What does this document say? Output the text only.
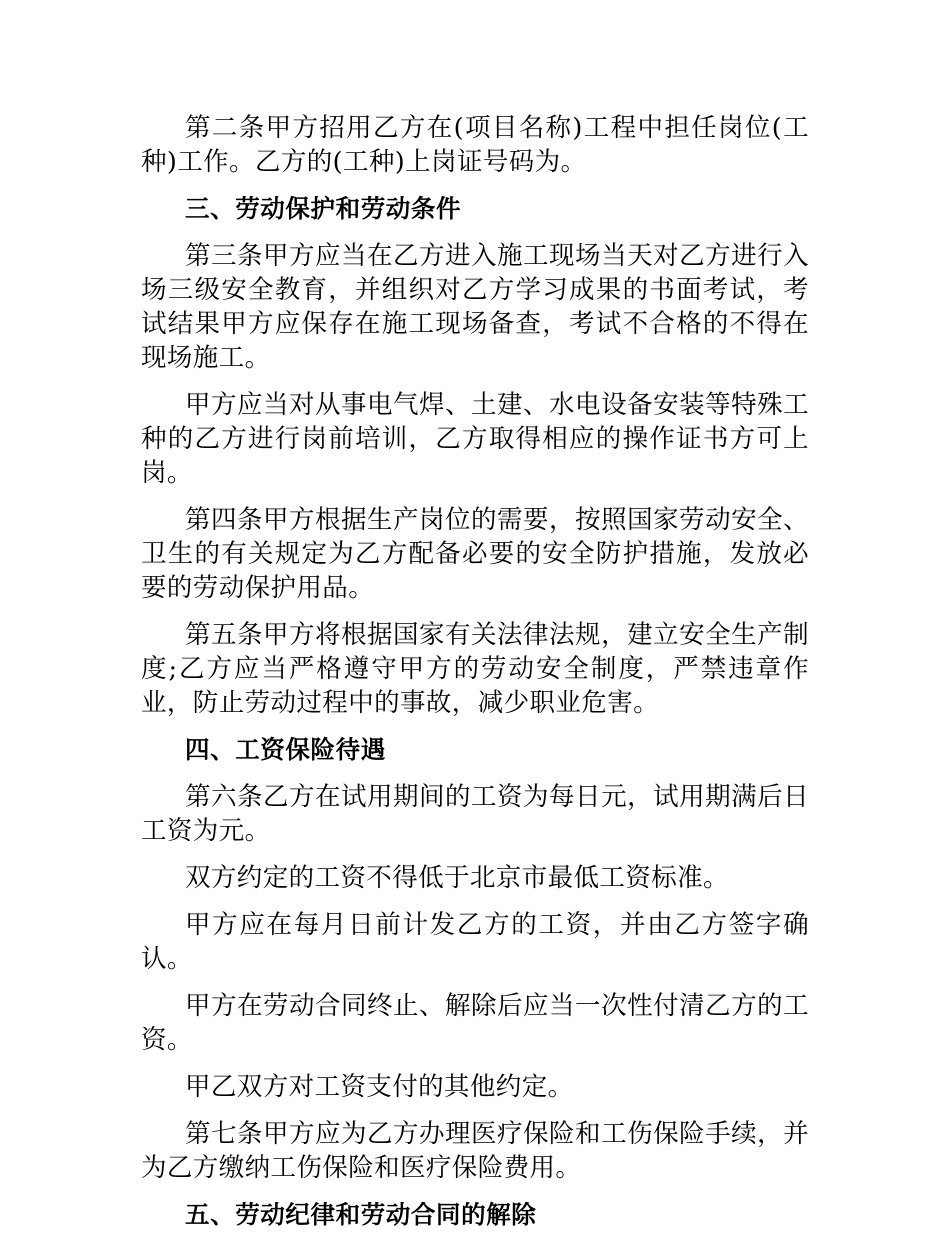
第二条甲方招用乙方在(项目名称)工程中担任岗位(工种)工作。乙方的(工种)上岗证号码为。

三、劳动保护和劳动条件

第三条甲方应当在乙方进入施工现场当天对乙方进行入场三级安全教育，并组织对乙方学习成果的书面考试，考试结果甲方应保存在施工现场备查，考试不合格的不得在现场施工。

甲方应当对从事电气焊、土建、水电设备安装等特殊工种的乙方进行岗前培训，乙方取得相应的操作证书方可上岗。

第四条甲方根据生产岗位的需要，按照国家劳动安全、卫生的有关规定为乙方配备必要的安全防护措施，发放必要的劳动保护用品。

第五条甲方将根据国家有关法律法规，建立安全生产制度;乙方应当严格遵守甲方的劳动安全制度，严禁违章作业，防止劳动过程中的事故，减少职业危害。

四、工资保险待遇

第六条乙方在试用期间的工资为每日元，试用期满后日工资为元。

双方约定的工资不得低于北京市最低工资标准。

甲方应在每月日前计发乙方的工资，并由乙方签字确认。

甲方在劳动合同终止、解除后应当一次性付清乙方的工资。

甲乙双方对工资支付的其他约定。

第七条甲方应为乙方办理医疗保险和工伤保险手续，并为乙方缴纳工伤保险和医疗保险费用。

五、劳动纪律和劳动合同的解除
